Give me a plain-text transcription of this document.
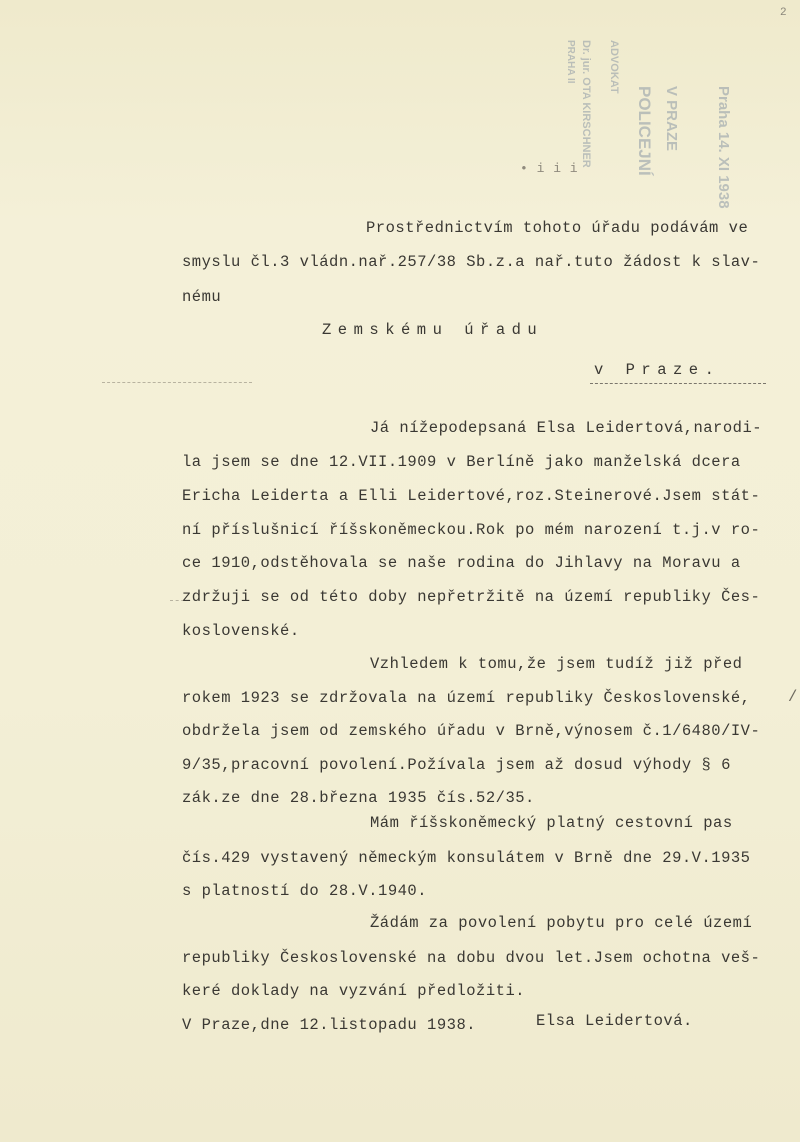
2
ADVOKAT
Dr. jur. OTA KIRSCHNER
PRAHA II
POLICEJNÍ V PRAZE Praha 14. XI 1938
• i i i
Prostřednictvím tohoto úřadu podávám ve
smyslu čl.3 vládn.nař.257/38 Sb.z.a nař.tuto žádost k slav-
nému
Zemskému úřadu
v Praze.
Já nížepodepsaná Elsa Leidertová,narodi-
la jsem se dne 12.VII.1909 v Berlíně jako manželská dcera
Ericha Leiderta a Elli Leidertové,roz.Steinerové.Jsem stát-
ní příslušnicí říšskoněmeckou.Rok po mém narození t.j.v ro-
ce 1910,odstěhovala se naše rodina do Jihlavy na Moravu a
zdržuji se od této doby nepřetržitě na území republiky Čes-
koslovenské.
Vzhledem k tomu,že jsem tudíž již před
rokem 1923 se zdržovala na území republiky Československé,
obdržela jsem od zemského úřadu v Brně,výnosem č.1/6480/IV-
9/35,pracovní povolení.Požívala jsem až dosud výhody § 6
zák.ze dne 28.března 1935 čís.52/35.
/
Mám říšskoněmecký platný cestovní pas
čís.429 vystavený německým konsulátem v Brně dne 29.V.1935
s platností do 28.V.1940.
Žádám za povolení pobytu pro celé území
republiky Československé na dobu dvou let.Jsem ochotna veš-
keré doklady na vyzvání předložiti.
V Praze,dne 12.listopadu 1938.	Elsa Leidertová.
